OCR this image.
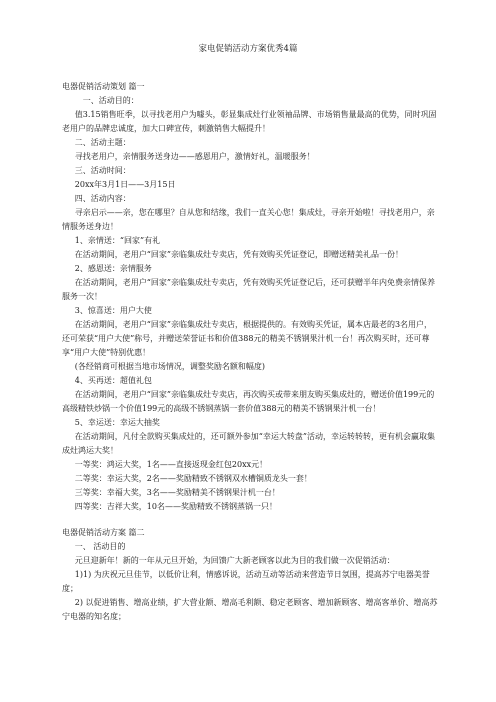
家电促销活动方案优秀4篇

电器促销活动策划 篇一

一、活动目的：

值3.15销售旺季，以寻找老用户为噱头，彰显集成灶行业领袖品牌、市场销售量最高的优势，同时巩固老用户的品牌忠诚度，加大口碑宣传，刺激销售大幅提升！

二、活动主题：

寻找老用户，亲情服务送身边——感恩用户，激情好礼，温暖服务！

三、活动时间：

20xx年3月1日——3月15日

四、活动内容：

寻亲启示——亲，您在哪里？自从您和结缘，我们一直关心您！集成灶，寻亲开始啦！寻找老用户，亲情服务送身边！

1、亲情送：“回家”有礼

在活动期间，老用户“回家”亲临集成灶专卖店，凭有效购买凭证登记，即赠送精美礼品一份！

2、感恩送：亲情服务

在活动期间，老用户“回家”亲临集成灶专卖店，凭有效购买凭证登记后，还可获赠半年内免费亲情保养服务一次！

3、惊喜送：用户大使

在活动期间，老用户“回家”亲临集成灶专卖店，根据提供的。有效购买凭证，属本店最老的3名用户，还可荣获“用户大使”称号，并赠送荣誉证书和价值388元的精美不锈钢果汁机一台！再次购买时，还可尊享“用户大使”特别优惠！

(各经销商可根据当地市场情况，调整奖励名额和幅度)

4、买再送：超值礼包

在活动期间，老用户“回家”亲临集成灶专卖店，再次购买或带来朋友购买集成灶的，赠送价值199元的高级精铁炒锅一个价值199元的高级不锈钢蒸锅一套价值388元的精美不锈钢果汁机一台！

5、幸运送：幸运大抽奖

在活动期间，凡付全款购买集成灶的，还可额外参加“幸运大转盘”活动，幸运转转转，更有机会赢取集成灶鸿运大奖！

一等奖：鸿运大奖，1名——直接返现金红包20xx元！

二等奖：幸运大奖，2名——奖励精致不锈钢双水槽铜质龙头一套！

三等奖：幸福大奖，3名——奖励精美不锈钢果汁机一台！

四等奖：吉祥大奖，10名——奖励精致不锈钢蒸锅一只！

电器促销活动方案 篇二

一、 活动目的

元旦迎新年！新的一年从元旦开始，为回馈广大新老顾客以此为目的我们做一次促销活动：

1)1) 为庆祝元旦佳节，以低价让利，情感诉说，活动互动等活动来营造节日氛围，提高苏宁电器美誉度；

2) 以促进销售、增高业绩，扩大营业额、增高毛利额、稳定老顾客、增加新顾客、增高客单价、增高苏宁电器的知名度；
